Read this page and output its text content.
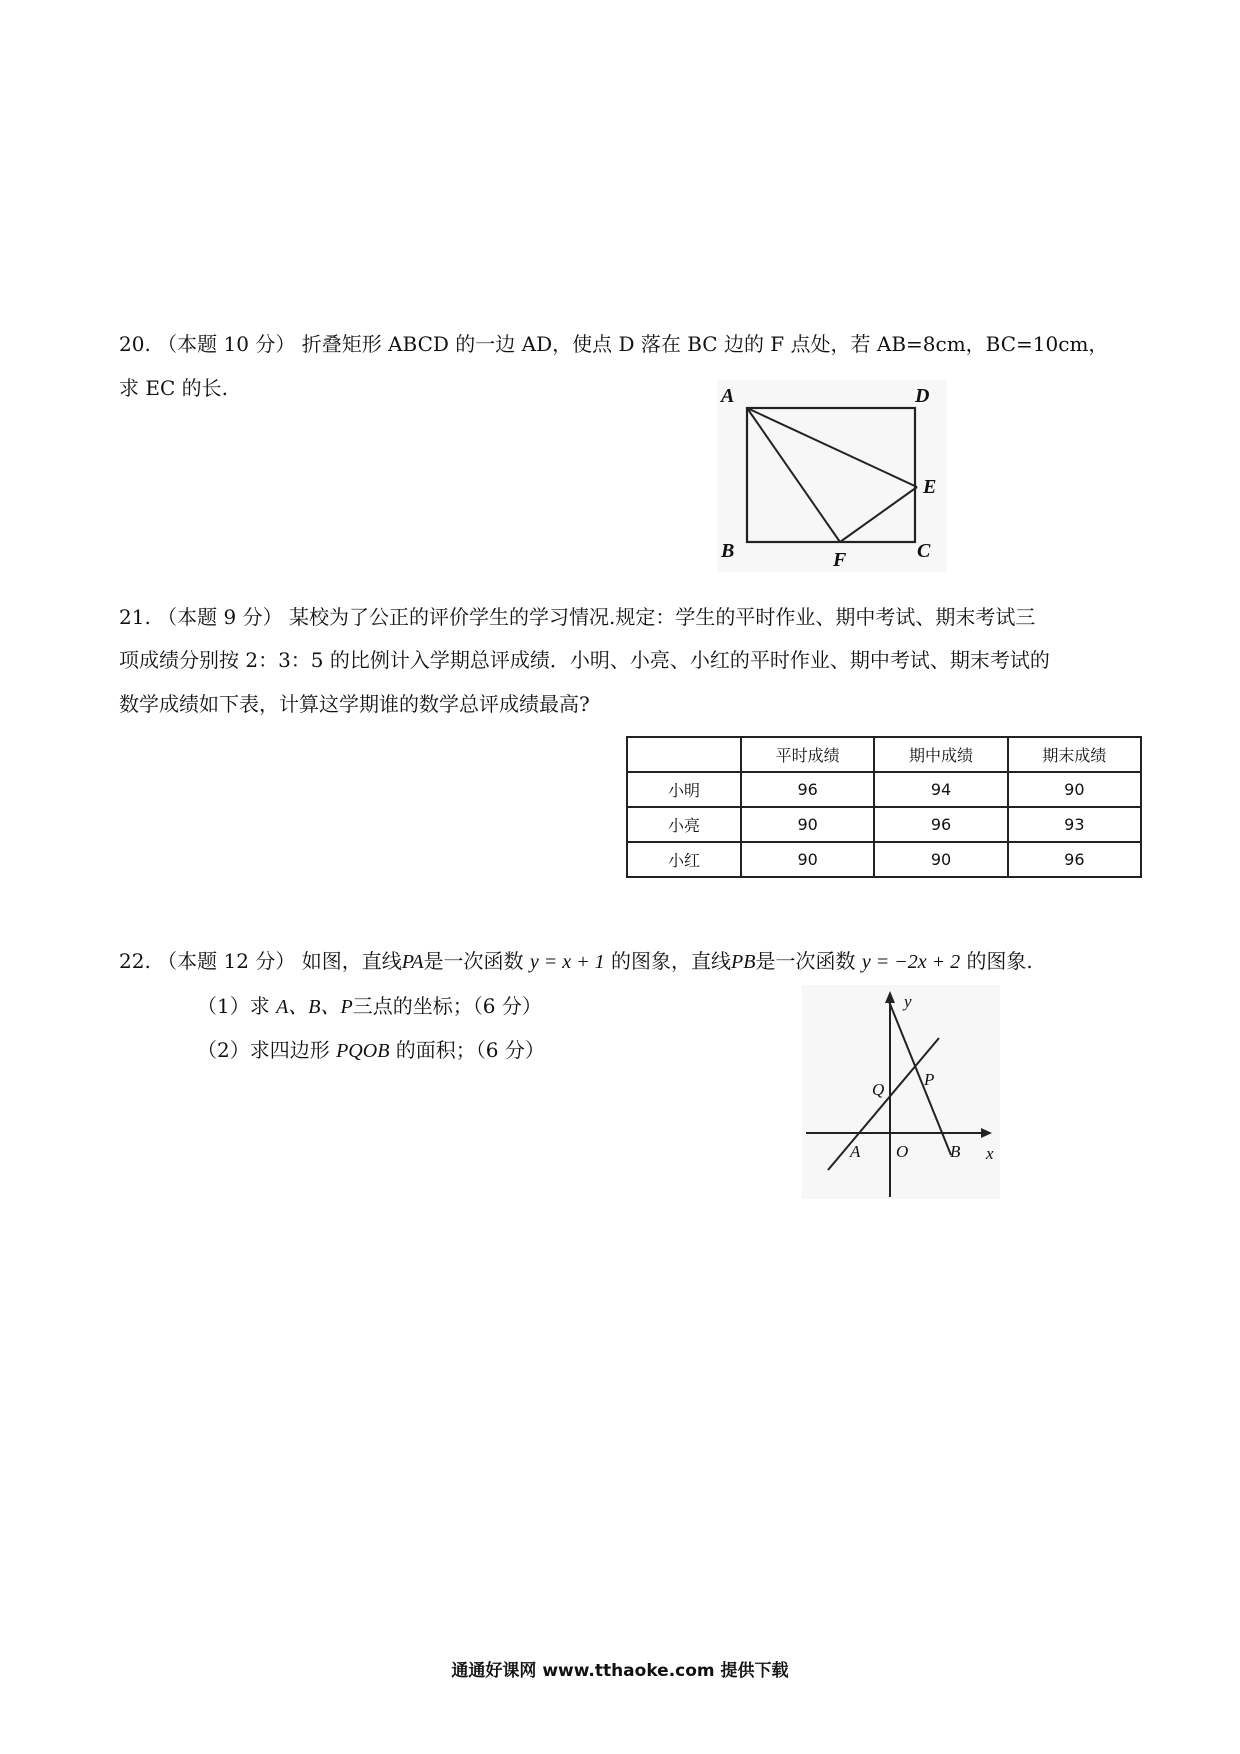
20. （本题 10 分） 折叠矩形 ABCD 的一边 AD，使点 D 落在 BC 边的 F 点处，若 AB=8cm，BC=10cm，
求 EC 的长.	A	D
E
B	F	C
21. （本题 9 分） 某校为了公正的评价学生的学习情况.规定：学生的平时作业、期中考试、期末考试三
项成绩分别按 2：3：5 的比例计入学期总评成绩．小明、小亮、小红的平时作业、期中考试、期末考试的
数学成绩如下表，计算这学期谁的数学总评成绩最高?
	平时成绩	期中成绩	期末成绩
小明	96	94	90
小亮	90	96	93
小红	90	90	96
22. （本题 12 分） 如图，直线PA是一次函数 y = x + 1 的图象，直线PB是一次函数 y = −2x + 2 的图象.
（1）求 A、B、P三点的坐标；（6 分）
（2）求四边形 PQOB 的面积；（6 分）
y
x
Q
P
A O B
通通好课网 www.tthaoke.com 提供下载
